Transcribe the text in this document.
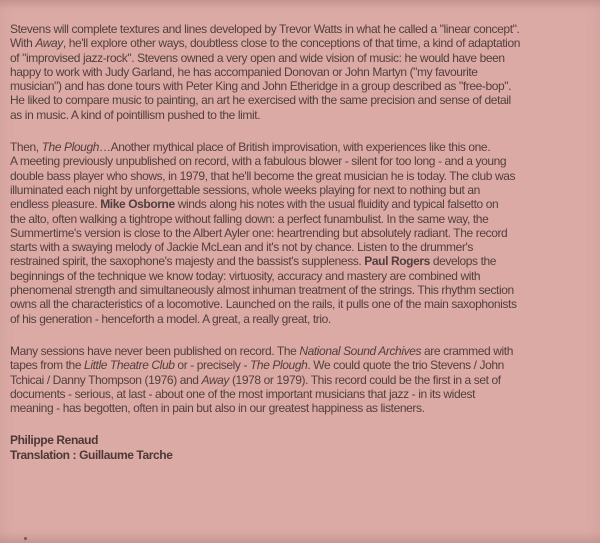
Stevens will complete textures and lines developed by Trevor Watts in what he called a "linear concept".
With Away, he'll explore other ways, doubtless close to the conceptions of that time, a kind of adaptation
of "improvised jazz-rock". Stevens owned a very open and wide vision of music: he would have been
happy to work with Judy Garland, he has accompanied Donovan or John Martyn ("my favourite
musician") and has done tours with Peter King and John Etheridge in a group described as "free-bop".
He liked to compare music to painting, an art he exercised with the same precision and sense of detail
as in music. A kind of pointillism pushed to the limit.
Then, The Plough…Another mythical place of British improvisation, with experiences like this one.
A meeting previously unpublished on record, with a fabulous blower - silent for too long - and a young
double bass player who shows, in 1979, that he'll become the great musician he is today. The club was
illuminated each night by unforgettable sessions, whole weeks playing for next to nothing but an
endless pleasure. Mike Osborne winds along his notes with the usual fluidity and typical falsetto on
the alto, often walking a tightrope without falling down: a perfect funambulist. In the same way, the
Summertime's version is close to the Albert Ayler one: heartrending but absolutely radiant. The record
starts with a swaying melody of Jackie McLean and it's not by chance. Listen to the drummer's
restrained spirit, the saxophone's majesty and the bassist's suppleness. Paul Rogers develops the
beginnings of the technique we know today: virtuosity, accuracy and mastery are combined with
phenomenal strength and simultaneously almost inhuman treatment of the strings. This rhythm section
owns all the characteristics of a locomotive. Launched on the rails, it pulls one of the main saxophonists
of his generation - henceforth a model. A great, a really great, trio.
Many sessions have never been published on record. The National Sound Archives are crammed with
tapes from the Little Theatre Club or - precisely - The Plough. We could quote the trio Stevens / John
Tchicai / Danny Thompson (1976) and Away (1978 or 1979). This record could be the first in a set of
documents - serious, at last - about one of the most important musicians that jazz - in its widest
meaning - has begotten, often in pain but also in our greatest happiness as listeners.
Philippe Renaud
Translation : Guillaume Tarche
